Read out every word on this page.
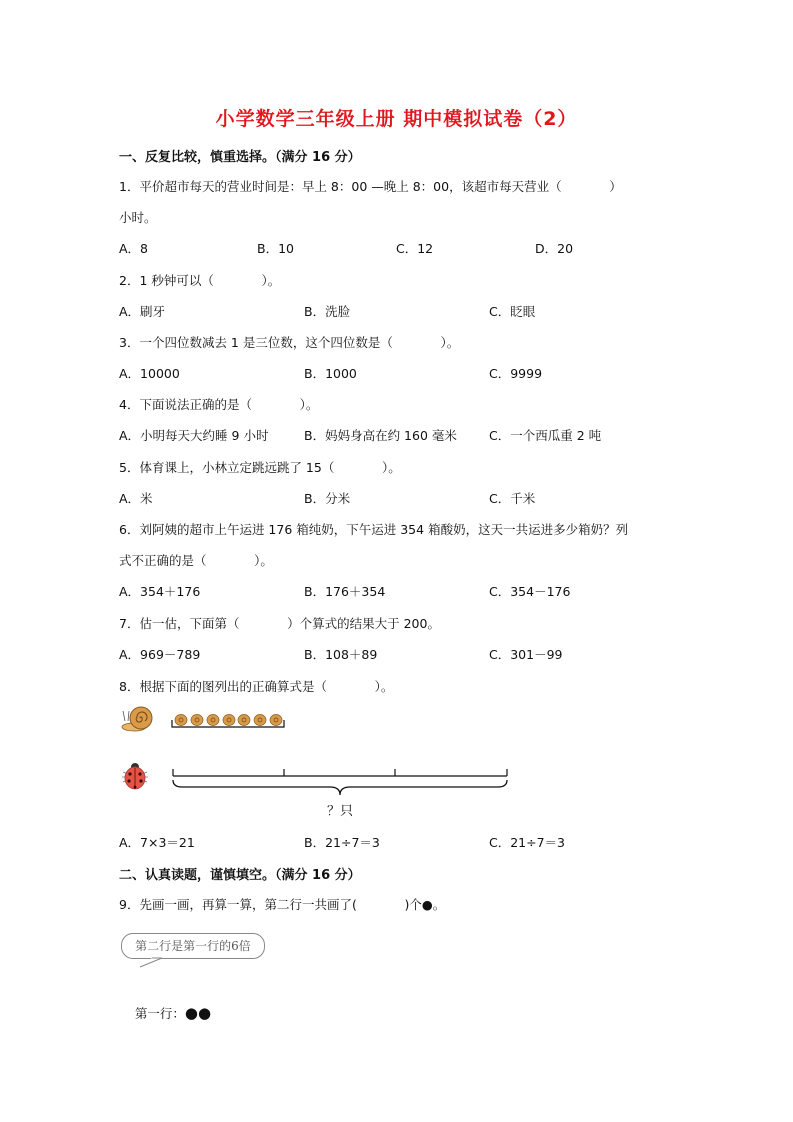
小学数学三年级上册 期中模拟试卷（2）
一、反复比较，慎重选择。（满分 16 分）
1．平价超市每天的营业时间是：早上 8：00 —晚上 8：00，该超市每天营业（            ）
小时。
A．8	B．10	C．12	D．20
2．1 秒钟可以（            ）。
A．刷牙	B．洗脸	C．眨眼
3．一个四位数减去 1 是三位数，这个四位数是（            ）。
A．10000	B．1000	C．9999
4．下面说法正确的是（            ）。
A．小明每天大约睡 9 小时	B．妈妈身高在约 160 毫米	C．一个西瓜重 2 吨
5．体育课上，小林立定跳远跳了 15（            ）。
A．米	B．分米	C．千米
6．刘阿姨的超市上午运进 176 箱纯奶，下午运进 354 箱酸奶，这天一共运进多少箱奶？列
式不正确的是（            ）。
A．354＋176	B．176＋354	C．354－176
7．估一估，下面第（            ）个算式的结果大于 200。
A．969－789	B．108＋89	C．301－99
8．根据下面的图列出的正确算式是（            ）。
？只
A．7×3＝21	B．21÷7＝3	C．21÷7＝3
二、认真读题，谨慎填空。（满分 16 分）
9．先画一画，再算一算，第二行一共画了(            )个●。
第二行是第一行的6倍

第一行：●●
